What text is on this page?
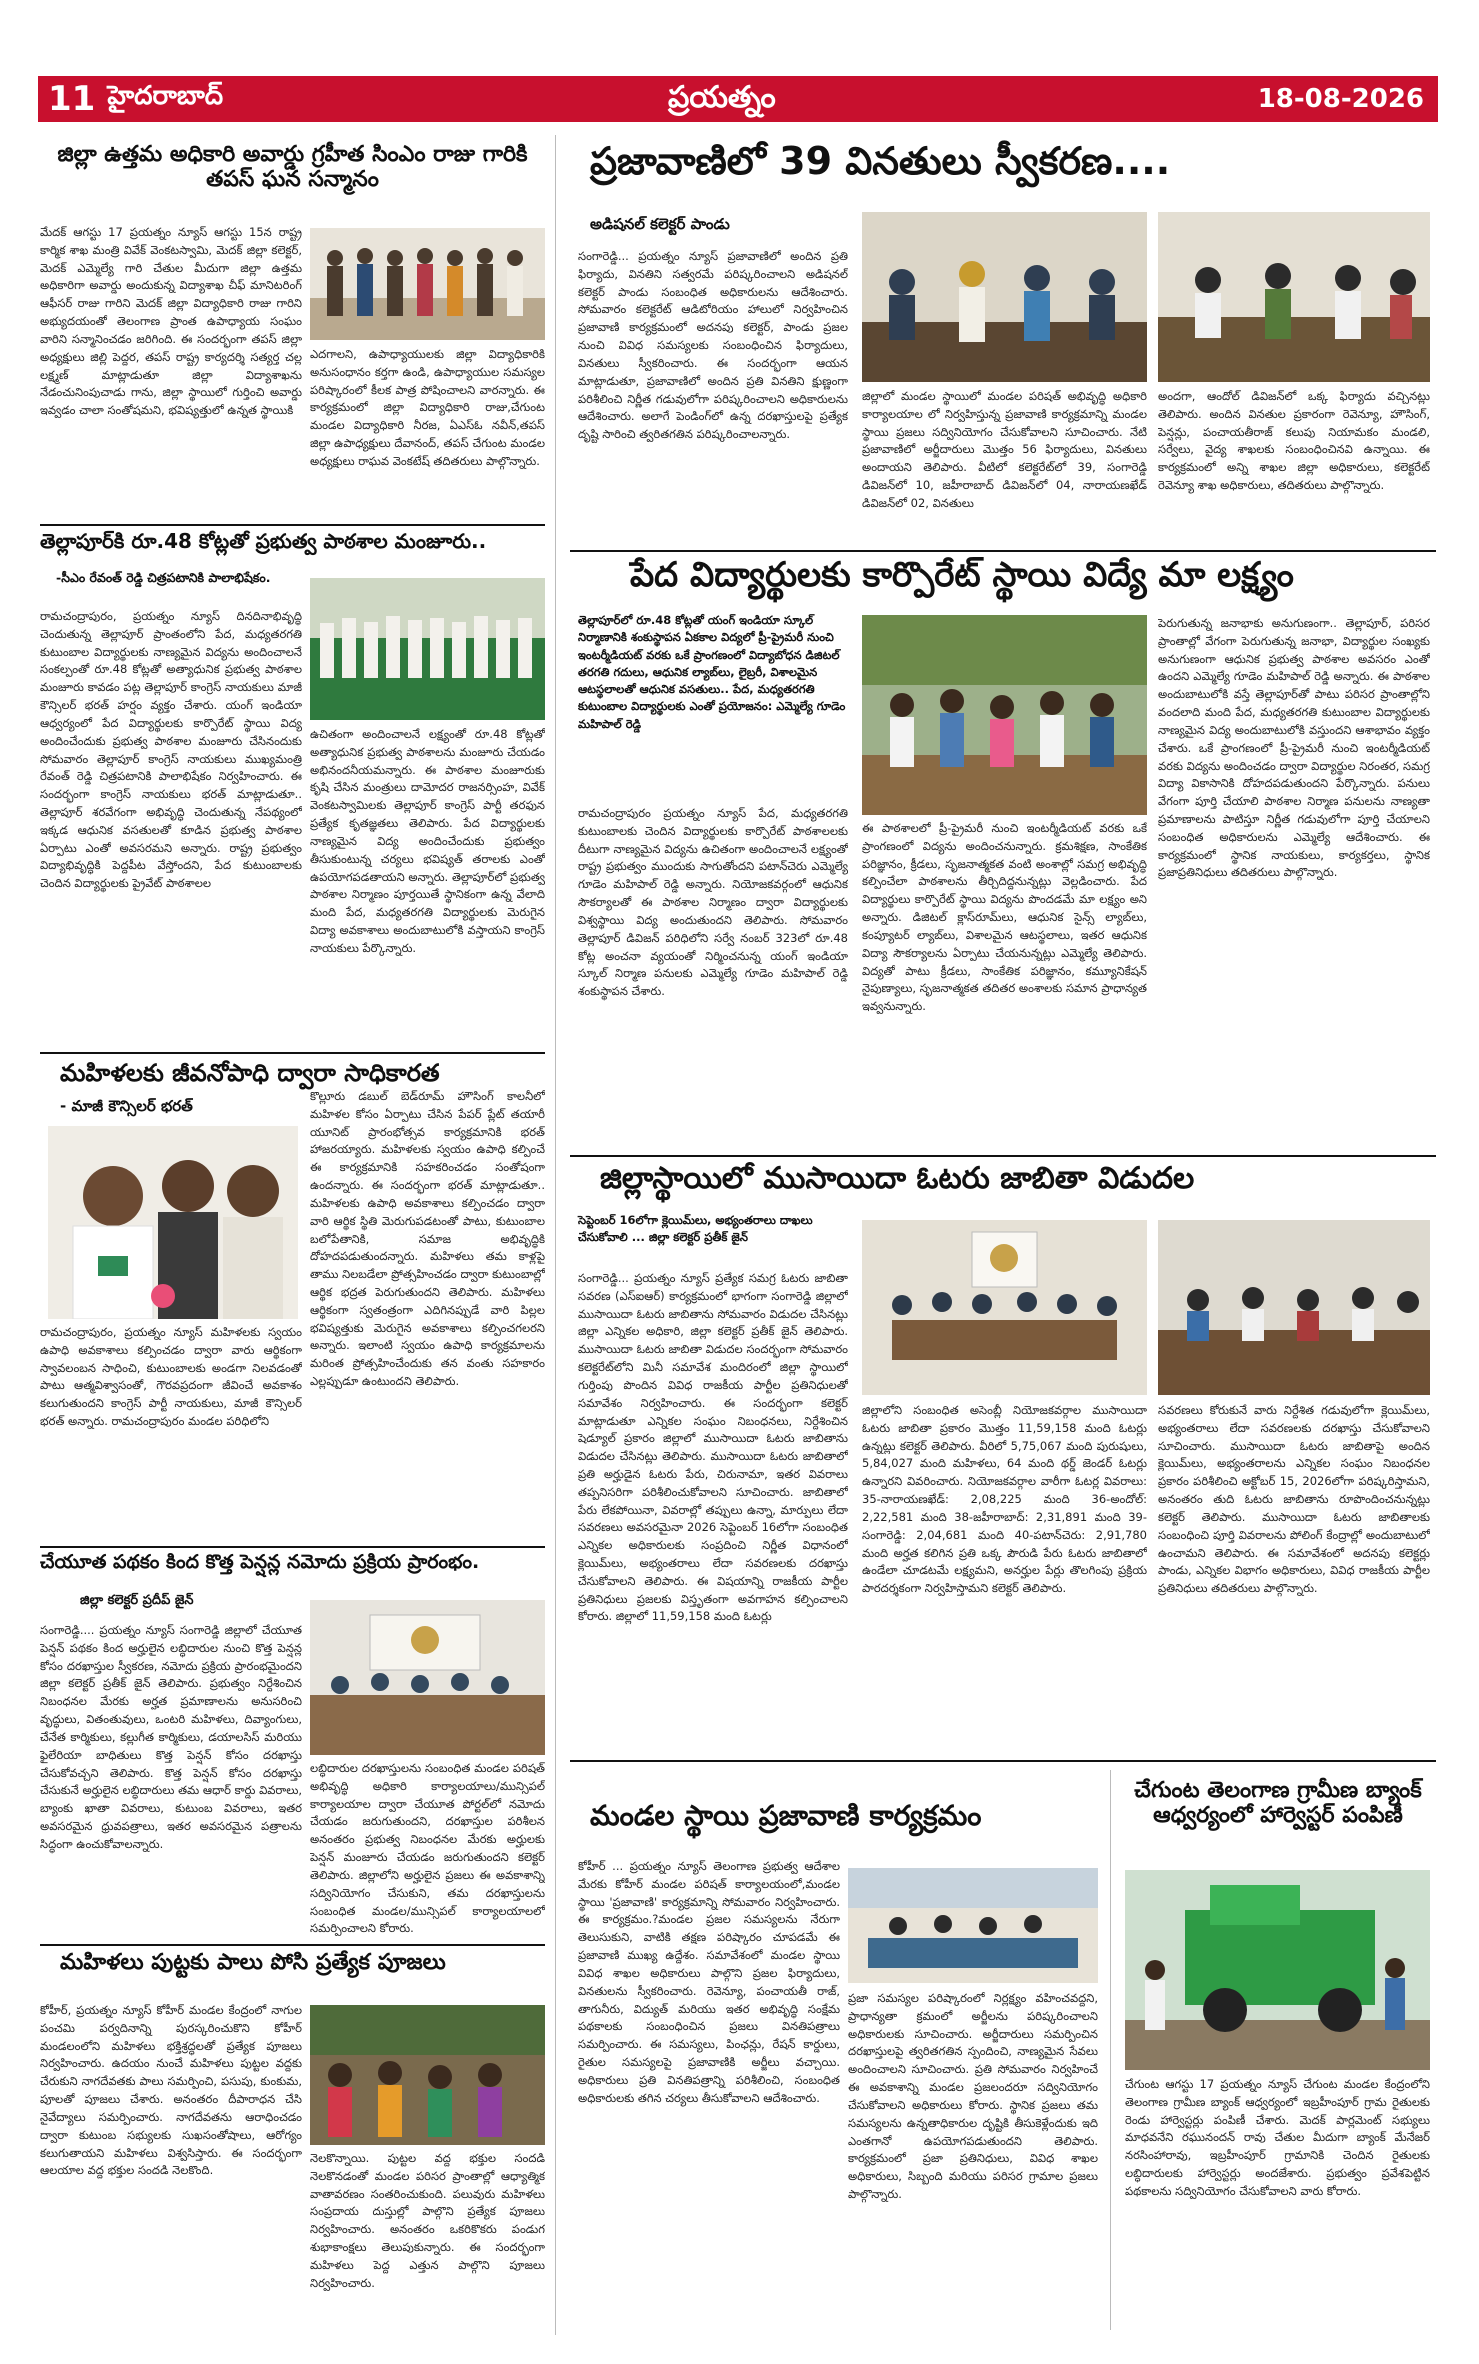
11 హైదరాబాద్	ప్రయత్నం	18-08-2026
జిల్లా ఉత్తమ అధికారి అవార్డు గ్రహీత సింఎం రాజు గారికి తపస్ ఘన సన్మానం
మేదక్ ఆగస్టు 17 ప్రయత్నం న్యూస్ ఆగస్టు 15న రాష్ట్ర కార్మిక శాఖ మంత్రి వివేక్ వెంకటస్వామి, మెదక్ జిల్లా కలెక్టర్, మెదక్ ఎమ్మెల్యే గారి చేతుల మీదుగా జిల్లా ఉత్తమ అధికారిగా అవార్డు అందుకున్న విద్యాశాఖ చీఫ్ మానిటరింగ్ ఆఫీసర్ రాజు గారిని మెదక్ జిల్లా విద్యాధికారి రాజు గారిని అభ్యుదయంతో తెలంగాణ ప్రాంత ఉపాధ్యాయ సంఘం వారిని సన్మానించడం జరిగింది. ఈ సందర్భంగా తపస్ జిల్లా అధ్యక్షులు జిల్లి పెద్దర, తపస్ రాష్ట్ర కార్యదర్శి సత్యర్త చల్ల లక్ష్మణ్ మాట్లాడుతూ జిల్లా విద్యాశాఖను నేడంచునింపుచాడు గాను, జిల్లా స్థాయిలో గుర్తించి అవార్డు ఇవ్వడం చాలా సంతోషమని, భవిష్యత్తులో ఉన్నత స్థాయికి
ఎదగాలని, ఉపాధ్యాయులకు జిల్లా విద్యాధికారికి అనుసంధానం కర్తగా ఉండి, ఉపాధ్యాయుల సమస్యల పరిష్కారంలో కీలక పాత్ర పోషించాలని వారన్నారు. ఈ కార్యక్రమంలో జిల్లా విద్యాధికారి రాజు,చేగుంట మండల విద్యాధికారి నీరజ, ఏఎస్ఓ నవీన్,తపస్ జిల్లా ఉపాధ్యక్షులు దేవానంద్, తపస్ చేగుంట మండల అధ్యక్షులు రాఘవ వెంకటేష్ తదితరులు పాల్గొన్నారు.
తెల్లాపూర్‌కి రూ.48 కోట్లతో ప్రభుత్వ పాఠశాల మంజూరు..
-సీఎం రేవంత్ రెడ్డి చిత్రపటానికి పాలాభిషేకం.
రామచంద్రాపురం, ప్రయత్నం న్యూస్ దినదినాభివృద్ధి చెందుతున్న తెల్లాపూర్ ప్రాంతంలోని పేద, మధ్యతరగతి కుటుంబాల విద్యార్థులకు నాణ్యమైన విద్యను అందించాలనే సంకల్పంతో రూ.48 కోట్లతో అత్యాధునిక ప్రభుత్వ పాఠశాల మంజూరు కావడం పట్ల తెల్లాపూర్ కాంగ్రెస్ నాయకులు మాజీ కౌన్సిలర్ భరత్ హర్షం వ్యక్తం చేశారు. యంగ్ ఇండియా ఆధ్వర్యంలో పేద విద్యార్థులకు కార్పొరేట్ స్థాయి విద్య అందించేందుకు ప్రభుత్వ పాఠశాల మంజూరు చేసినందుకు సోమవారం తెల్లాపూర్ కాంగ్రెస్ నాయకులు ముఖ్యమంత్రి రేవంత్ రెడ్డి చిత్రపటానికి పాలాభిషేకం నిర్వహించారు. ఈ సందర్భంగా కాంగ్రెస్ నాయకులు భరత్ మాట్లాడుతూ.. తెల్లాపూర్ శరవేగంగా అభివృద్ధి చెందుతున్న నేపథ్యంలో ఇక్కడ ఆధునిక వసతులతో కూడిన ప్రభుత్వ పాఠశాల ఏర్పాటు ఎంతో అవసరమని అన్నారు. రాష్ట్ర ప్రభుత్వం విద్యాభివృద్ధికి పెద్దపీట వేస్తోందని, పేద కుటుంబాలకు చెందిన విద్యార్థులకు ప్రైవేట్ పాఠశాలల
ఉచితంగా అందించాలనే లక్ష్యంతో రూ.48 కోట్లతో అత్యాధునిక ప్రభుత్వ పాఠశాలను మంజూరు చేయడం అభినందనీయమన్నారు. ఈ పాఠశాల మంజూరుకు కృషి చేసిన మంత్రులు దామోదర రాజనర్సింహ, వివేక్ వెంకటస్వామిలకు తెల్లాపూర్ కాంగ్రెస్ పార్టీ తరఫున ప్రత్యేక కృతజ్ఞతలు తెలిపారు. పేద విద్యార్థులకు నాణ్యమైన విద్య అందించేందుకు ప్రభుత్వం తీసుకుంటున్న చర్యలు భవిష్యత్ తరాలకు ఎంతో ఉపయోగపడతాయని అన్నారు. తెల్లాపూర్‌లో ప్రభుత్వ పాఠశాల నిర్మాణం పూర్తయితే స్థానికంగా ఉన్న వేలాది మంది పేద, మధ్యతరగతి విద్యార్థులకు మెరుగైన విద్యా అవకాశాలు అందుబాటులోకి వస్తాయని కాంగ్రెస్ నాయకులు పేర్కొన్నారు.
మహిళలకు జీవనోపాధి ద్వారా సాధికారత
- మాజీ కౌన్సిలర్ భరత్
రామచంద్రాపురం, ప్రయత్నం న్యూస్ మహిళలకు స్వయం ఉపాధి అవకాశాలు కల్పించడం ద్వారా వారు ఆర్థికంగా స్వావలంబన సాధించి, కుటుంబాలకు అండగా నిలవడంతో పాటు ఆత్మవిశ్వాసంతో, గౌరవప్రదంగా జీవించే అవకాశం కలుగుతుందని కాంగ్రెస్ పార్టీ నాయకులు, మాజీ కౌన్సిలర్ భరత్ అన్నారు. రామచంద్రాపురం మండల పరిధిలోని
కొల్లూరు డబుల్ బెడ్‌రూమ్ హౌసింగ్ కాలనీలో మహిళల కోసం ఏర్పాటు చేసిన పేపర్ ప్లేట్ తయారీ యూనిట్ ప్రారంభోత్సవ కార్యక్రమానికి భరత్ హాజరయ్యారు. మహిళలకు స్వయం ఉపాధి కల్పించే ఈ కార్యక్రమానికి సహకరించడం సంతోషంగా ఉందన్నారు. ఈ సందర్భంగా భరత్ మాట్లాడుతూ.. మహిళలకు ఉపాధి అవకాశాలు కల్పించడం ద్వారా వారి ఆర్థిక స్థితి మెరుగుపడటంతో పాటు, కుటుంబాల బలోపేతానికి, సమాజ అభివృద్ధికి దోహదపడుతుందన్నారు. మహిళలు తమ కాళ్లపై తాము నిలబడేలా ప్రోత్సహించడం ద్వారా కుటుంబాల్లో ఆర్థిక భద్రత పెరుగుతుందని తెలిపారు. మహిళలు ఆర్థికంగా స్వతంత్రంగా ఎదిగినప్పుడే వారి పిల్లల భవిష్యత్తుకు మెరుగైన అవకాశాలు కల్పించగలరని అన్నారు. ఇలాంటి స్వయం ఉపాధి కార్యక్రమాలను మరింత ప్రోత్సహించేందుకు తన వంతు సహకారం ఎల్లప్పుడూ ఉంటుందని తెలిపారు.
చేయూత పథకం కింద కొత్త పెన్షన్ల నమోదు ప్రక్రియ ప్రారంభం.
జిల్లా కలెక్టర్ ప్రదీప్ జైన్
సంగారెడ్డి.... ప్రయత్నం న్యూస్ సంగారెడ్డి జిల్లాలో చేయూత పెన్షన్ పథకం కింద అర్హులైన లబ్ధిదారుల నుంచి కొత్త పెన్షన్ల కోసం దరఖాస్తుల స్వీకరణ, నమోదు ప్రక్రియ ప్రారంభమైందని జిల్లా కలెక్టర్ ప్రతీక్ జైన్ తెలిపారు. ప్రభుత్వం నిర్దేశించిన నిబంధనల మేరకు అర్హత ప్రమాణాలను అనుసరించి వృద్ధులు, వితంతువులు, ఒంటరి మహిళలు, దివ్యాంగులు, చేనేత కార్మికులు, కల్లుగీత కార్మికులు, డయాలసిస్ మరియు ఫైలేరియా బాధితులు కొత్త పెన్షన్ కోసం దరఖాస్తు చేసుకోవచ్చని తెలిపారు. కొత్త పెన్షన్ కోసం దరఖాస్తు చేసుకునే అర్హులైన లబ్ధిదారులు తమ ఆధార్ కార్డు వివరాలు, బ్యాంకు ఖాతా వివరాలు, కుటుంబ వివరాలు, ఇతర అవసరమైన ధ్రువపత్రాలు, ఇతర అవసరమైన పత్రాలను సిద్ధంగా ఉంచుకోవాలన్నారు.
లబ్ధిదారుల దరఖాస్తులను సంబంధిత మండల పరిషత్ అభివృద్ధి అధికారి కార్యాలయాలు/మున్సిపల్ కార్యాలయాల ద్వారా చేయూత పోర్టల్‌లో నమోదు చేయడం జరుగుతుందని, దరఖాస్తుల పరిశీలన అనంతరం ప్రభుత్వ నిబంధనల మేరకు అర్హులకు పెన్షన్ మంజూరు చేయడం జరుగుతుందని కలెక్టర్ తెలిపారు. జిల్లాలోని అర్హులైన ప్రజలు ఈ అవకాశాన్ని సద్వినియోగం చేసుకుని, తమ దరఖాస్తులను సంబంధిత మండల/మున్సిపల్ కార్యాలయాలలో సమర్పించాలని కోరారు.
మహిళలు పుట్టకు పాలు పోసి ప్రత్యేక పూజలు
కోహీర్, ప్రయత్నం న్యూస్ కోహీర్ మండల కేంద్రంలో నాగుల పంచమి పర్వదినాన్ని పురస్కరించుకొని కోహీర్ మండలంలోని మహిళలు భక్తిశ్రద్ధలతో ప్రత్యేక పూజలు నిర్వహించారు. ఉదయం నుంచే మహిళలు పుట్టల వద్దకు చేరుకుని నాగదేవతకు పాలు సమర్పించి, పసుపు, కుంకుమ, పూలతో పూజలు చేశారు. అనంతరం దీపారాధన చేసి నైవేద్యాలు సమర్పించారు. నాగదేవతను ఆరాధించడం ద్వారా కుటుంబ సభ్యులకు సుఖసంతోషాలు, ఆరోగ్యం కలుగుతాయని మహిళలు విశ్వసిస్తారు. ఈ సందర్భంగా ఆలయాల వద్ద భక్తుల సందడి నెలకొంది.
నెలకొన్నాయి. పుట్టల వద్ద భక్తుల సందడి నెలకొనడంతో మండల పరిసర ప్రాంతాల్లో ఆధ్యాత్మిక వాతావరణం సంతరించుకుంది. పలువురు మహిళలు సంప్రదాయ దుస్తుల్లో పాల్గొని ప్రత్యేక పూజలు నిర్వహించారు. అనంతరం ఒకరికొకరు పండుగ శుభాకాంక్షలు తెలుపుకున్నారు. ఈ సందర్భంగా మహిళలు పెద్ద ఎత్తున పాల్గొని పూజలు నిర్వహించారు.
ప్రజావాణిలో 39 వినతులు స్వీకరణ....
అడిషనల్ కలెక్టర్ పాండు
సంగారెడ్డి... ప్రయత్నం న్యూస్ ప్రజావాణిలో అందిన ప్రతి ఫిర్యాదు, వినతిని సత్వరమే పరిష్కరించాలని అడిషనల్ కలెక్టర్ పాండు సంబంధిత అధికారులను ఆదేశించారు. సోమవారం కలెక్టరేట్ ఆడిటోరియం హాలులో నిర్వహించిన ప్రజావాణి కార్యక్రమంలో అదనపు కలెక్టర్, పాండు ప్రజల నుంచి వివిధ సమస్యలకు సంబంధించిన ఫిర్యాదులు, వినతులు స్వీకరించారు. ఈ సందర్భంగా ఆయన మాట్లాడుతూ, ప్రజావాణిలో అందిన ప్రతి వినతిని క్షుణ్ణంగా పరిశీలించి నిర్ణీత గడువులోగా పరిష్కరించాలని అధికారులను ఆదేశించారు. అలాగే పెండింగ్‌లో ఉన్న దరఖాస్తులపై ప్రత్యేక దృష్టి సారించి త్వరితగతిన పరిష్కరించాలన్నారు.
జిల్లాలో మండల స్థాయిలో మండల పరిషత్ అభివృద్ధి అధికారి కార్యాలయాల లో నిర్వహిస్తున్న ప్రజావాణి కార్యక్రమాన్ని మండల స్థాయి ప్రజలు సద్వినియోగం చేసుకోవాలని సూచించారు. నేటి ప్రజావాణిలో అర్జీదారులు మొత్తం 56 ఫిర్యాదులు, వినతులు అందాయని తెలిపారు. వీటిలో కలెక్టరేట్‌లో 39, సంగారెడ్డి డివిజన్‌లో 10, జహీరాబాద్ డివిజన్‌లో 04, నారాయణఖేడ్ డివిజన్‌లో 02, వినతులు
అందగా, ఆందోల్ డివిజన్‌లో ఒక్క ఫిర్యాదు వచ్చినట్లు తెలిపారు. అందిన వినతుల ప్రకారంగా రెవెన్యూ, హౌసింగ్, పెన్షన్లు, పంచాయతీరాజ్ కలుపు నియామకం మండలి, సర్వేలు, వైద్య శాఖలకు సంబంధించినవి ఉన్నాయి. ఈ కార్యక్రమంలో అన్ని శాఖల జిల్లా అధికారులు, కలెక్టరేట్ రెవెన్యూ శాఖ అధికారులు, తదితరులు పాల్గొన్నారు.
పేద విద్యార్థులకు కార్పొరేట్ స్థాయి విద్యే మా లక్ష్యం
తెల్లాపూర్‌లో రూ.48 కోట్లతో యంగ్ ఇండియా స్కూల్ నిర్మాణానికి శంకుస్థాపన ఏకకాల విద్యలో ప్రీ-ప్రైమరీ నుంచి ఇంటర్మీడియట్ వరకు ఒకే ప్రాంగణంలో విద్యాబోధన డిజిటల్ తరగతి గదులు, ఆధునిక ల్యాబ్‌లు, లైబ్రరీ, విశాలమైన ఆటస్థలాలతో ఆధునిక వసతులు.. పేద, మధ్యతరగతి కుటుంబాల విద్యార్థులకు ఎంతో ప్రయోజనం: ఎమ్మెల్యే గూడెం మహిపాల్ రెడ్డి
రామచంద్రాపురం ప్రయత్నం న్యూస్ పేద, మధ్యతరగతి కుటుంబాలకు చెందిన విద్యార్థులకు కార్పొరేట్ పాఠశాలలకు దీటుగా నాణ్యమైన విద్యను ఉచితంగా అందించాలనే లక్ష్యంతో రాష్ట్ర ప్రభుత్వం ముందుకు సాగుతోందని పటాన్‌చెరు ఎమ్మెల్యే గూడెం మహిపాల్ రెడ్డి అన్నారు. నియోజకవర్గంలో ఆధునిక సౌకర్యాలతో ఈ పాఠశాల నిర్మాణం ద్వారా విద్యార్థులకు విశ్వస్థాయి విద్య అందుతుందని తెలిపారు. సోమవారం తెల్లాపూర్ డివిజన్ పరిధిలోని సర్వే నంబర్ 323లో రూ.48 కోట్ల అంచనా వ్యయంతో నిర్మించనున్న యంగ్ ఇండియా స్కూల్ నిర్మాణ పనులకు ఎమ్మెల్యే గూడెం మహిపాల్ రెడ్డి శంకుస్థాపన చేశారు.
ఈ పాఠశాలలో ప్రీ-ప్రైమరీ నుంచి ఇంటర్మీడియట్ వరకు ఒకే ప్రాంగణంలో విద్యను అందించనున్నారు. క్రమశిక్షణ, సాంకేతిక పరిజ్ఞానం, క్రీడలు, సృజనాత్మకత వంటి అంశాల్లో సమగ్ర అభివృద్ధి కల్పించేలా పాఠశాలను తీర్చిదిద్దనున్నట్లు వెల్లడించారు. పేద విద్యార్థులు కార్పొరేట్ స్థాయి విద్యను పొందడమే మా లక్ష్యం అని అన్నారు. డిజిటల్ క్లాస్‌రూమ్‌లు, ఆధునిక సైన్స్ ల్యాబ్‌లు, కంప్యూటర్ ల్యాబ్‌లు, విశాలమైన ఆటస్థలాలు, ఇతర ఆధునిక విద్యా సౌకర్యాలను ఏర్పాటు చేయనున్నట్లు ఎమ్మెల్యే తెలిపారు. విద్యతో పాటు క్రీడలు, సాంకేతిక పరిజ్ఞానం, కమ్యూనికేషన్ నైపుణ్యాలు, సృజనాత్మకత తదితర అంశాలకు సమాన ప్రాధాన్యత ఇవ్వనున్నారు.
పెరుగుతున్న జనాభాకు అనుగుణంగా.. తెల్లాపూర్, పరిసర ప్రాంతాల్లో వేగంగా పెరుగుతున్న జనాభా, విద్యార్థుల సంఖ్యకు అనుగుణంగా ఆధునిక ప్రభుత్వ పాఠశాల అవసరం ఎంతో ఉందని ఎమ్మెల్యే గూడెం మహిపాల్ రెడ్డి అన్నారు. ఈ పాఠశాల అందుబాటులోకి వస్తే తెల్లాపూర్‌తో పాటు పరిసర ప్రాంతాల్లోని వందలాది మంది పేద, మధ్యతరగతి కుటుంబాల విద్యార్థులకు నాణ్యమైన విద్య అందుబాటులోకి వస్తుందని ఆశాభావం వ్యక్తం చేశారు. ఒకే ప్రాంగణంలో ప్రీ-ప్రైమరీ నుంచి ఇంటర్మీడియట్ వరకు విద్యను అందించడం ద్వారా విద్యార్థుల నిరంతర, సమగ్ర విద్యా వికాసానికి దోహదపడుతుందని పేర్కొన్నారు. పనులు వేగంగా పూర్తి చేయాలి పాఠశాల నిర్మాణ పనులను నాణ్యతా ప్రమాణాలను పాటిస్తూ నిర్ణీత గడువులోగా పూర్తి చేయాలని సంబంధిత అధికారులను ఎమ్మెల్యే ఆదేశించారు. ఈ కార్యక్రమంలో స్థానిక నాయకులు, కార్యకర్తలు, స్థానిక ప్రజాప్రతినిధులు తదితరులు పాల్గొన్నారు.
జిల్లాస్థాయిలో ముసాయిదా ఓటరు జాబితా విడుదల
సెప్టెంబర్ 16లోగా క్లెయిమ్‌లు, అభ్యంతరాలు దాఖలు చేసుకోవాలి ... జిల్లా కలెక్టర్ ప్రతీక్ జైన్
సంగారెడ్డి... ప్రయత్నం న్యూస్ ప్రత్యేక సమగ్ర ఓటరు జాబితా సవరణ (ఎస్ఐఆర్) కార్యక్రమంలో భాగంగా సంగారెడ్డి జిల్లాలో ముసాయిదా ఓటరు జాబితాను సోమవారం విడుదల చేసినట్లు జిల్లా ఎన్నికల అధికారి, జిల్లా కలెక్టర్ ప్రతీక్ జైన్ తెలిపారు. ముసాయిదా ఓటరు జాబితా విడుదల సందర్భంగా సోమవారం కలెక్టరేట్‌లోని మినీ సమావేశ మందిరంలో జిల్లా స్థాయిలో గుర్తింపు పొందిన వివిధ రాజకీయ పార్టీల ప్రతినిధులతో సమావేశం నిర్వహించారు. ఈ సందర్భంగా కలెక్టర్ మాట్లాడుతూ ఎన్నికల సంఘం నిబంధనలు, నిర్దేశించిన షెడ్యూల్ ప్రకారం జిల్లాలో ముసాయిదా ఓటరు జాబితాను విడుదల చేసినట్లు తెలిపారు. ముసాయిదా ఓటరు జాబితాలో ప్రతి అర్హుడైన ఓటరు పేరు, చిరునామా, ఇతర వివరాలు తప్పనిసరిగా పరిశీలించుకోవాలని సూచించారు. జాబితాలో పేరు లేకపోయినా, వివరాల్లో తప్పులు ఉన్నా, మార్పులు లేదా సవరణలు అవసరమైనా 2026 సెప్టెంబర్ 16లోగా సంబంధిత ఎన్నికల అధికారులకు సంప్రదించి నిర్ణీత విధానంలో క్లెయిమ్‌లు, అభ్యంతరాలు లేదా సవరణలకు దరఖాస్తు చేసుకోవాలని తెలిపారు. ఈ విషయాన్ని రాజకీయ పార్టీల ప్రతినిధులు ప్రజలకు విస్తృతంగా అవగాహన కల్పించాలని కోరారు. జిల్లాలో 11,59,158 మంది ఓటర్లు
జిల్లాలోని సంబంధిత అసెంబ్లీ నియోజకవర్గాల ముసాయిదా ఓటరు జాబితా ప్రకారం మొత్తం 11,59,158 మంది ఓటర్లు ఉన్నట్లు కలెక్టర్ తెలిపారు. వీరిలో 5,75,067 మంది పురుషులు, 5,84,027 మంది మహిళలు, 64 మంది థర్డ్ జెండర్ ఓటర్లు ఉన్నారని వివరించారు. నియోజకవర్గాల వారీగా ఓటర్ల వివరాలు: 35-నారాయణఖేడ్: 2,08,225 మంది 36-అందోల్: 2,22,581 మంది 38-జహీరాబాద్: 2,31,891 మంది 39-సంగారెడ్డి: 2,04,681 మంది 40-పటాన్‌చెరు: 2,91,780 మంది అర్హత కలిగిన ప్రతి ఒక్క పౌరుడి పేరు ఓటరు జాబితాలో ఉండేలా చూడటమే లక్ష్యమని, అనర్హుల పేర్లు తొలగింపు ప్రక్రియ పారదర్శకంగా నిర్వహిస్తామని కలెక్టర్ తెలిపారు.
సవరణలు కోరుకునే వారు నిర్దేశిత గడువులోగా క్లెయిమ్‌లు, అభ్యంతరాలు లేదా సవరణలకు దరఖాస్తు చేసుకోవాలని సూచించారు. ముసాయిదా ఓటరు జాబితాపై అందిన క్లెయిమ్‌లు, అభ్యంతరాలను ఎన్నికల సంఘం నిబంధనల ప్రకారం పరిశీలించి అక్టోబర్ 15, 2026లోగా పరిష్కరిస్తామని, అనంతరం తుది ఓటరు జాబితాను రూపొందించనున్నట్లు కలెక్టర్ తెలిపారు. ముసాయిదా ఓటరు జాబితాలకు సంబంధించి పూర్తి వివరాలను పోలింగ్ కేంద్రాల్లో అందుబాటులో ఉంచామని తెలిపారు. ఈ సమావేశంలో అదనపు కలెక్టర్లు పాండు, ఎన్నికల విభాగం అధికారులు, వివిధ రాజకీయ పార్టీల ప్రతినిధులు తదితరులు పాల్గొన్నారు.
మండల స్థాయి ప్రజావాణి కార్యక్రమం
కోహీర్ ... ప్రయత్నం న్యూస్ తెలంగాణ ప్రభుత్వ ఆదేశాల మేరకు కోహీర్ మండల పరిషత్ కార్యాలయంలో,మండల స్థాయి 'ప్రజావాణి' కార్యక్రమాన్ని సోమవారం నిర్వహించారు. ఈ కార్యక్రమం.?మండల ప్రజల సమస్యలను నేరుగా తెలుసుకుని, వాటికి తక్షణ పరిష్కారం చూపడమే ఈ ప్రజావాణి ముఖ్య ఉద్దేశం. సమావేశంలో మండల స్థాయి వివిధ శాఖల అధికారులు పాల్గొని ప్రజల ఫిర్యాదులు, వినతులను స్వీకరించారు. రెవెన్యూ, పంచాయతీ రాజ్, తాగునీరు, విద్యుత్ మరియు ఇతర అభివృద్ధి సంక్షేమ పథకాలకు సంబంధించిన ప్రజలు వినతిపత్రాలు సమర్పించారు. ఈ సమస్యలు, పింఛన్లు, రేషన్ కార్డులు, రైతుల సమస్యలపై ప్రజావాణికి అర్జీలు వచ్చాయి. అధికారులు ప్రతి వినతిపత్రాన్ని పరిశీలించి, సంబంధిత అధికారులకు తగిన చర్యలు తీసుకోవాలని ఆదేశించారు.
ప్రజా సమస్యల పరిష్కారంలో నిర్లక్ష్యం వహించవద్దని, ప్రాధాన్యతా క్రమంలో అర్జీలను పరిష్కరించాలని అధికారులకు సూచించారు. అర్జీదారులు సమర్పించిన దరఖాస్తులపై త్వరితగతిన స్పందించి, నాణ్యమైన సేవలు అందించాలని సూచించారు. ప్రతి సోమవారం నిర్వహించే ఈ అవకాశాన్ని మండల ప్రజలందరూ సద్వినియోగం చేసుకోవాలని అధికారులు కోరారు. స్థానిక ప్రజలు తమ సమస్యలను ఉన్నతాధికారుల దృష్టికి తీసుకెళ్లేందుకు ఇది ఎంతగానో ఉపయోగపడుతుందని తెలిపారు. కార్యక్రమంలో ప్రజా ప్రతినిధులు, వివిధ శాఖల అధికారులు, సిబ్బంది మరియు పరిసర గ్రామాల ప్రజలు పాల్గొన్నారు.
చేగుంట తెలంగాణ గ్రామీణ బ్యాంక్ ఆధ్వర్యంలో హార్వెస్టర్ పంపిణీ
చేగుంట ఆగస్టు 17 ప్రయత్నం న్యూస్ చేగుంట మండల కేంద్రంలోని తెలంగాణ గ్రామీణ బ్యాంక్ ఆధ్వర్యంలో ఇబ్రహీంపూర్ గ్రామ రైతులకు రెండు హార్వెస్టర్లు పంపిణీ చేశారు. మెదక్ పార్లమెంట్ సభ్యులు మాధవనేని రఘునందన్ రావు చేతుల మీదుగా బ్యాంక్ మేనేజర్ నరసింహారావు, ఇబ్రహీంపూర్ గ్రామానికి చెందిన రైతులకు లబ్ధిదారులకు హార్వెస్టర్లు అందజేశారు. ప్రభుత్వం ప్రవేశపెట్టిన పథకాలను సద్వినియోగం చేసుకోవాలని వారు కోరారు.
